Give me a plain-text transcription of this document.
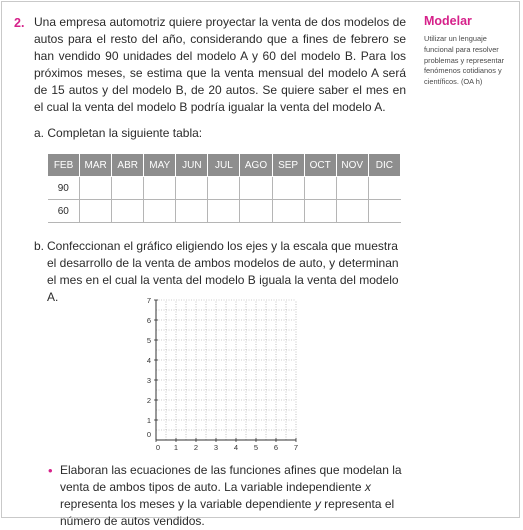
2. Una empresa automotriz quiere proyectar la venta de dos modelos de autos para el resto del año, considerando que a fines de febrero se han vendido 90 unidades del modelo A y 60 del modelo B. Para los próximos meses, se estima que la venta mensual del modelo A será de 15 autos y del modelo B, de 20 autos. Se quiere saber el mes en el cual la venta del modelo B podría igualar la venta del modelo A.
Modelar
Utilizar un lenguaje funcional para resolver problemas y representar fenómenos cotidianos y científicos. (OA h)
a. Completan la siguiente tabla:
FEB	MAR	ABR	MAY	JUN	JUL	AGO	SEP	OCT	NOV	DIC
90										
60										
b. Confeccionan el gráfico eligiendo los ejes y la escala que muestra el desarrollo de la venta de ambos modelos de auto, y determinan el mes en el cual la venta del modelo B iguala la venta del modelo A.
0 1 2 3 4 5 6 7
1
2
3
4
5
6
7
0
• Elaboran las ecuaciones de las funciones afines que modelan la venta de ambos tipos de auto. La variable independiente x representa los meses y la variable dependiente y representa el número de autos vendidos.
